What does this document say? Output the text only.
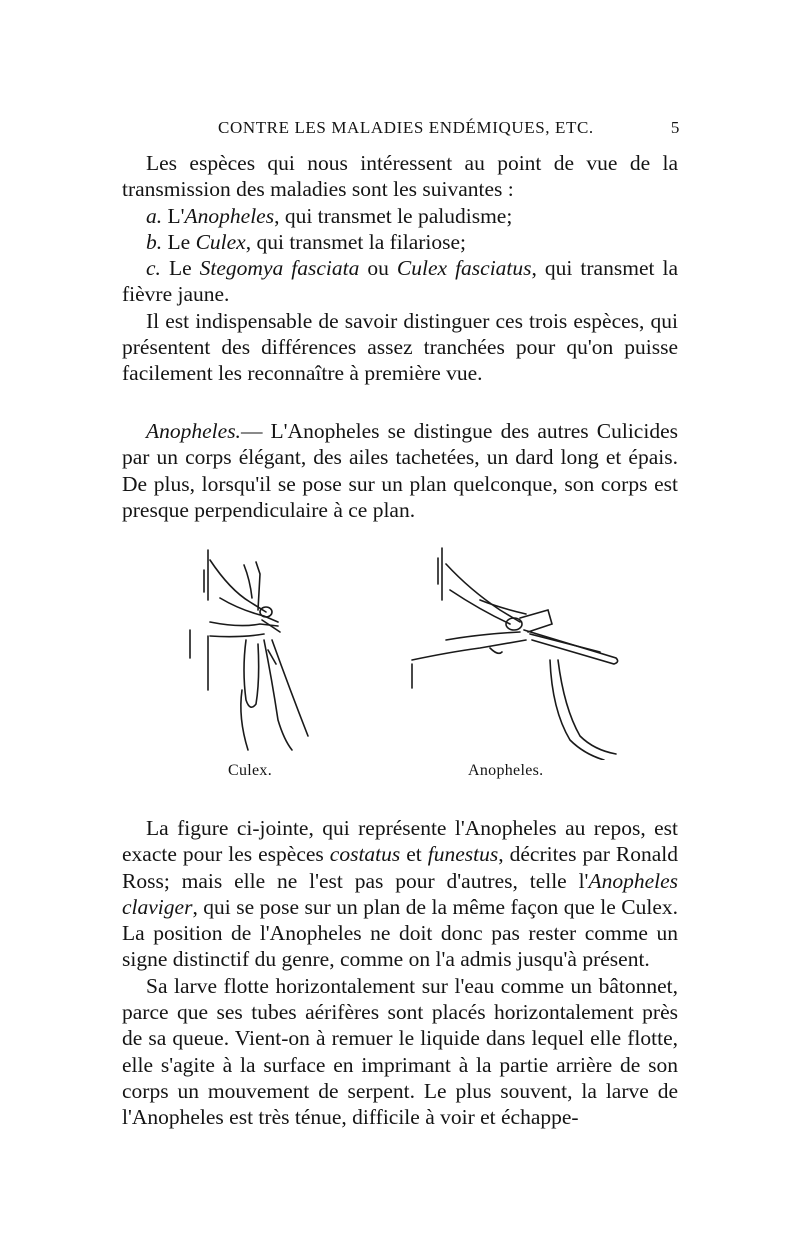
CONTRE LES MALADIES ENDÉMIQUES, ETC.	5

Les espèces qui nous intéressent au point de vue de la transmission des maladies sont les suivantes :

a. L'Anopheles, qui transmet le paludisme;

b. Le Culex, qui transmet la filariose;

c. Le Stegomya fasciata ou Culex fasciatus, qui transmet la fièvre jaune.

Il est indispensable de savoir distinguer ces trois espèces, qui présentent des différences assez tranchées pour qu'on puisse facilement les reconnaître à première vue.

Anopheles.— L'Anopheles se distingue des autres Culicides par un corps élégant, des ailes tachetées, un dard long et épais. De plus, lorsqu'il se pose sur un plan quelconque, son corps est presque perpendiculaire à ce plan.

Culex.	Anopheles.

La figure ci-jointe, qui représente l'Anopheles au repos, est exacte pour les espèces costatus et funestus, décrites par Ronald Ross; mais elle ne l'est pas pour d'autres, telle l'Anopheles claviger, qui se pose sur un plan de la même façon que le Culex. La position de l'Anopheles ne doit donc pas rester comme un signe distinctif du genre, comme on l'a admis jusqu'à présent.

Sa larve flotte horizontalement sur l'eau comme un bâtonnet, parce que ses tubes aérifères sont placés horizontalement près de sa queue. Vient-on à remuer le liquide dans lequel elle flotte, elle s'agite à la surface en imprimant à la partie arrière de son corps un mouvement de serpent. Le plus souvent, la larve de l'Anopheles est très ténue, difficile à voir et échappe-
